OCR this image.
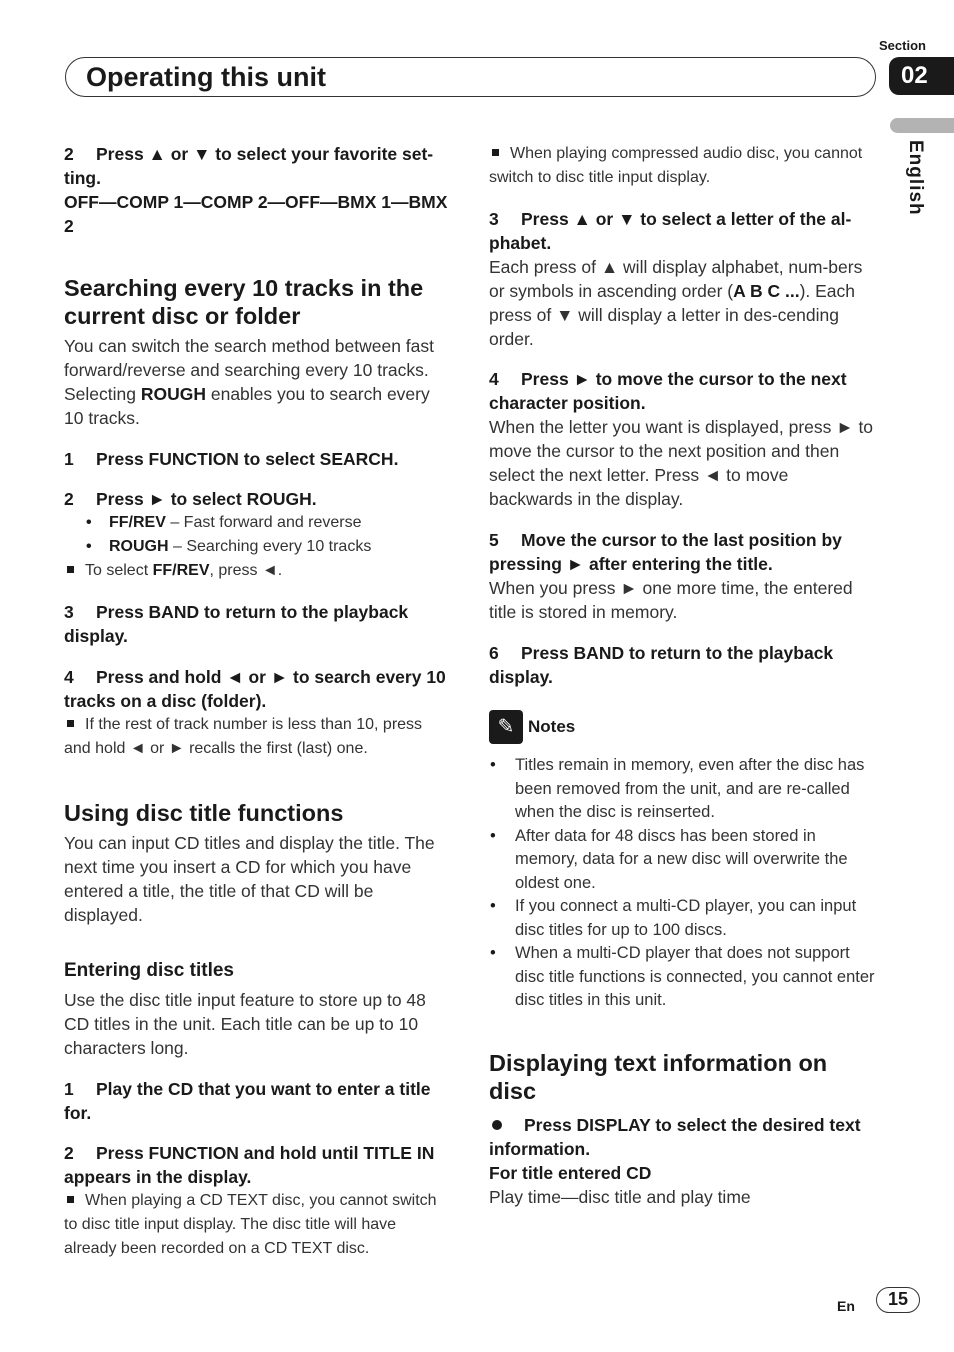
Section
02
Operating this unit
English
2 Press ▲ or ▼ to select your favorite set-ting.
OFF—COMP 1—COMP 2—OFF—BMX 1—BMX 2
Searching every 10 tracks in the current disc or folder
You can switch the search method between fast forward/reverse and searching every 10 tracks. Selecting ROUGH enables you to search every 10 tracks.
1 Press FUNCTION to select SEARCH.
2 Press ► to select ROUGH.
• FF/REV – Fast forward and reverse
• ROUGH – Searching every 10 tracks
To select FF/REV, press ◄.
3 Press BAND to return to the playback display.
4 Press and hold ◄ or ► to search every 10 tracks on a disc (folder).
If the rest of track number is less than 10, press and hold ◄ or ► recalls the first (last) one.
Using disc title functions
You can input CD titles and display the title. The next time you insert a CD for which you have entered a title, the title of that CD will be displayed.
Entering disc titles
Use the disc title input feature to store up to 48 CD titles in the unit. Each title can be up to 10 characters long.
1 Play the CD that you want to enter a title for.
2 Press FUNCTION and hold until TITLE IN appears in the display.
When playing a CD TEXT disc, you cannot switch to disc title input display. The disc title will have already been recorded on a CD TEXT disc.
When playing compressed audio disc, you cannot switch to disc title input display.
3 Press ▲ or ▼ to select a letter of the al-phabet.
Each press of ▲ will display alphabet, num-bers or symbols in ascending order (A B C ...). Each press of ▼ will display a letter in des-cending order.
4 Press ► to move the cursor to the next character position.
When the letter you want is displayed, press ► to move the cursor to the next position and then select the next letter. Press ◄ to move backwards in the display.
5 Move the cursor to the last position by pressing ► after entering the title.
When you press ► one more time, the entered title is stored in memory.
6 Press BAND to return to the playback display.
✎ Notes
• Titles remain in memory, even after the disc has been removed from the unit, and are re-called when the disc is reinserted.
• After data for 48 discs has been stored in memory, data for a new disc will overwrite the oldest one.
• If you connect a multi-CD player, you can input disc titles for up to 100 discs.
• When a multi-CD player that does not support disc title functions is connected, you cannot enter disc titles in this unit.
Displaying text information on disc
Press DISPLAY to select the desired text information.
For title entered CD
Play time—disc title and play time
En	15
